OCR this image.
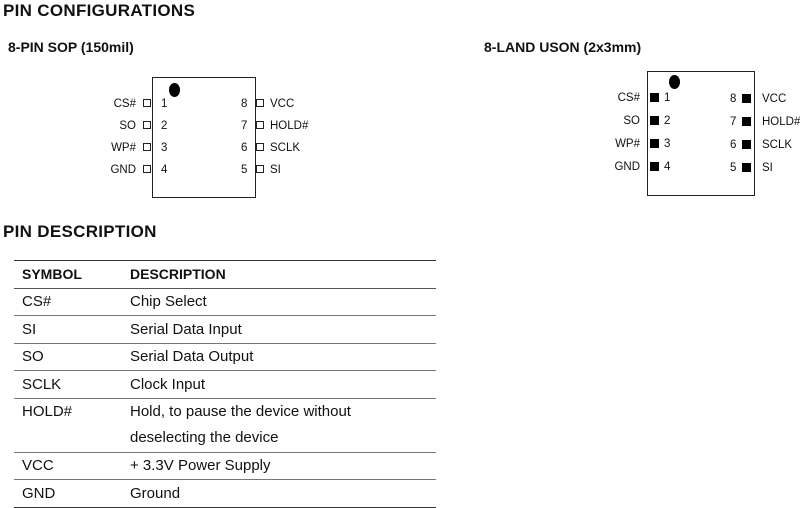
PIN CONFIGURATIONS
8-PIN SOP (150mil)	8-LAND USON (2x3mm)
CS# 1
SO 2
WP# 3
GND 4
8 VCC
7 HOLD#
6 SCLK
5 SI
CS# 1
SO 2
WP# 3
GND 4
8 VCC
7 HOLD#
6 SCLK
5 SI
PIN DESCRIPTION
SYMBOL	DESCRIPTION
CS#	Chip Select
SI	Serial Data Input
SO	Serial Data Output
SCLK	Clock Input
HOLD#	Hold, to pause the device without
deselecting the device

VCC	+ 3.3V Power Supply
GND	Ground
